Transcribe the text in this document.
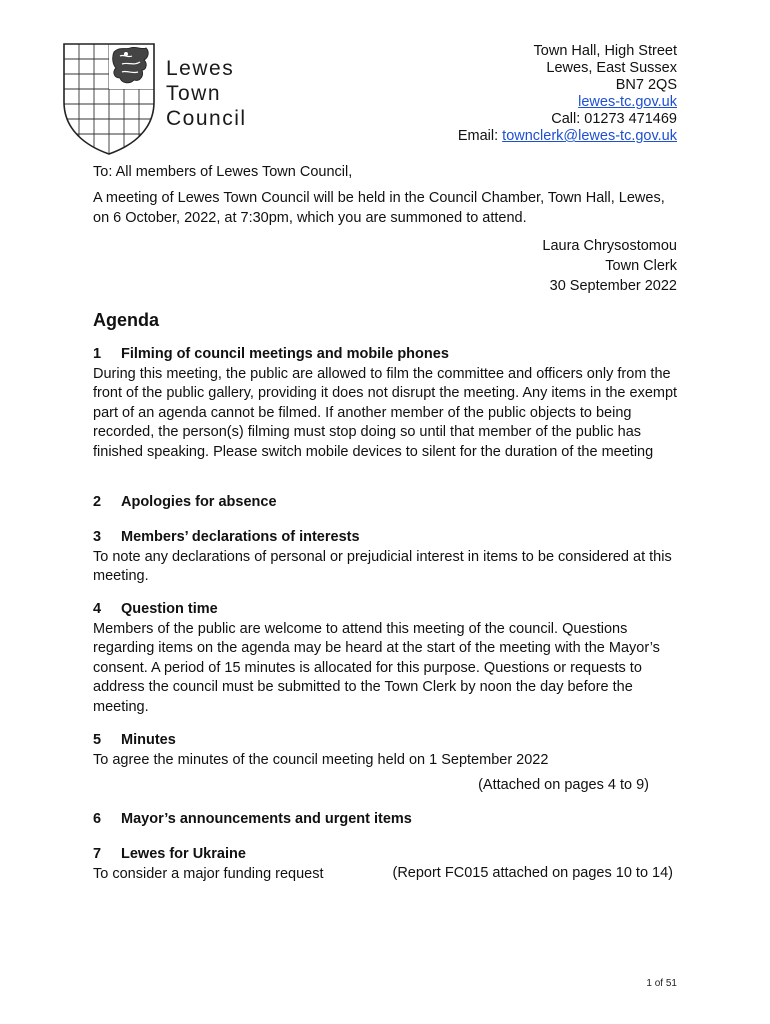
Lewes
Town
Council
Town Hall, High Street
Lewes, East Sussex
BN7 2QS
lewes-tc.gov.uk
Call: 01273 471469
Email: townclerk@lewes-tc.gov.uk

To: All members of Lewes Town Council,

A meeting of Lewes Town Council will be held in the Council Chamber, Town Hall, Lewes, on 6 October, 2022, at 7:30pm, which you are summoned to attend.

Laura Chrysostomou
Town Clerk
30 September 2022
Agenda
1 Filming of council meetings and mobile phones

During this meeting, the public are allowed to film the committee and officers only from the front of the public gallery, providing it does not disrupt the meeting. Any items in the exempt part of an agenda cannot be filmed. If another member of the public objects to being recorded, the person(s) filming must stop doing so until that member of the public has finished speaking. Please switch mobile devices to silent for the duration of the meeting

2 Apologies for absence
3 Members’ declarations of interests

To note any declarations of personal or prejudicial interest in items to be considered at this meeting.

4 Question time

Members of the public are welcome to attend this meeting of the council. Questions regarding items on the agenda may be heard at the start of the meeting with the Mayor’s consent. A period of 15 minutes is allocated for this purpose. Questions or requests to address the council must be submitted to the Town Clerk by noon the day before the meeting.

5 Minutes

To agree the minutes of the council meeting held on 1 September 2022

(Attached on pages 4 to 9)
6 Mayor’s announcements and urgent items
7 Lewes for Ukraine

To consider a major funding request	(Report FC015 attached on pages 10 to 14)
1 of 51
